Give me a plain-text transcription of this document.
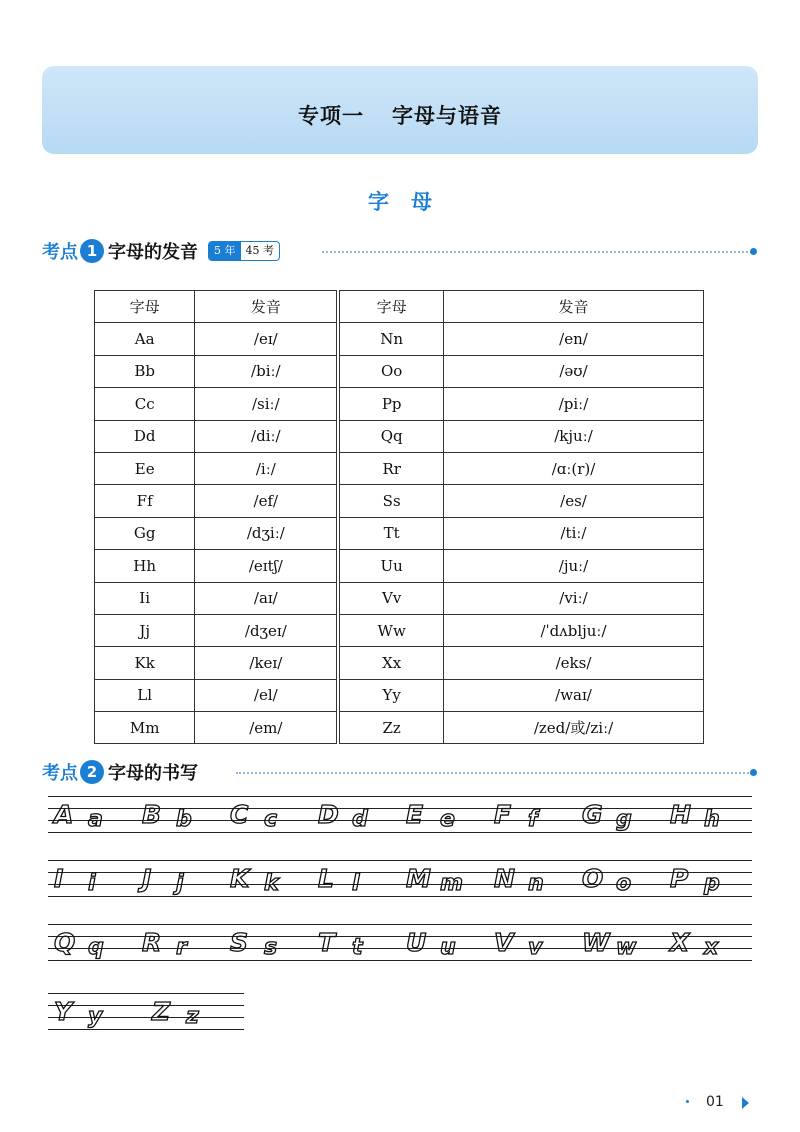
专项一 字母与语音
字母
考点 1 字母的发音	5 年 45 考
字母	发音	字母	发音
Aa	/eɪ/	Nn	/en/
Bb	/biː/	Oo	/əʊ/
Cc	/siː/	Pp	/piː/
Dd	/diː/	Qq	/kjuː/
Ee	/iː/	Rr	/ɑː(r)/
Ff	/ef/	Ss	/es/
Gg	/dʒiː/	Tt	/tiː/
Hh	/eɪtʃ/	Uu	/juː/
Ii	/aɪ/	Vv	/viː/
Jj	/dʒeɪ/	Ww	/ˈdʌbljuː/
Kk	/keɪ/	Xx	/eks/
Ll	/el/	Yy	/waɪ/
Mm	/em/	Zz	/zed/或/ziː/
考点 2 字母的书写
A a B b C c D d E e F f G g H h
I i J j K k L l M m N n O o P p
Q q R r S s T t U u V v W w X x
Y y Z z
01
